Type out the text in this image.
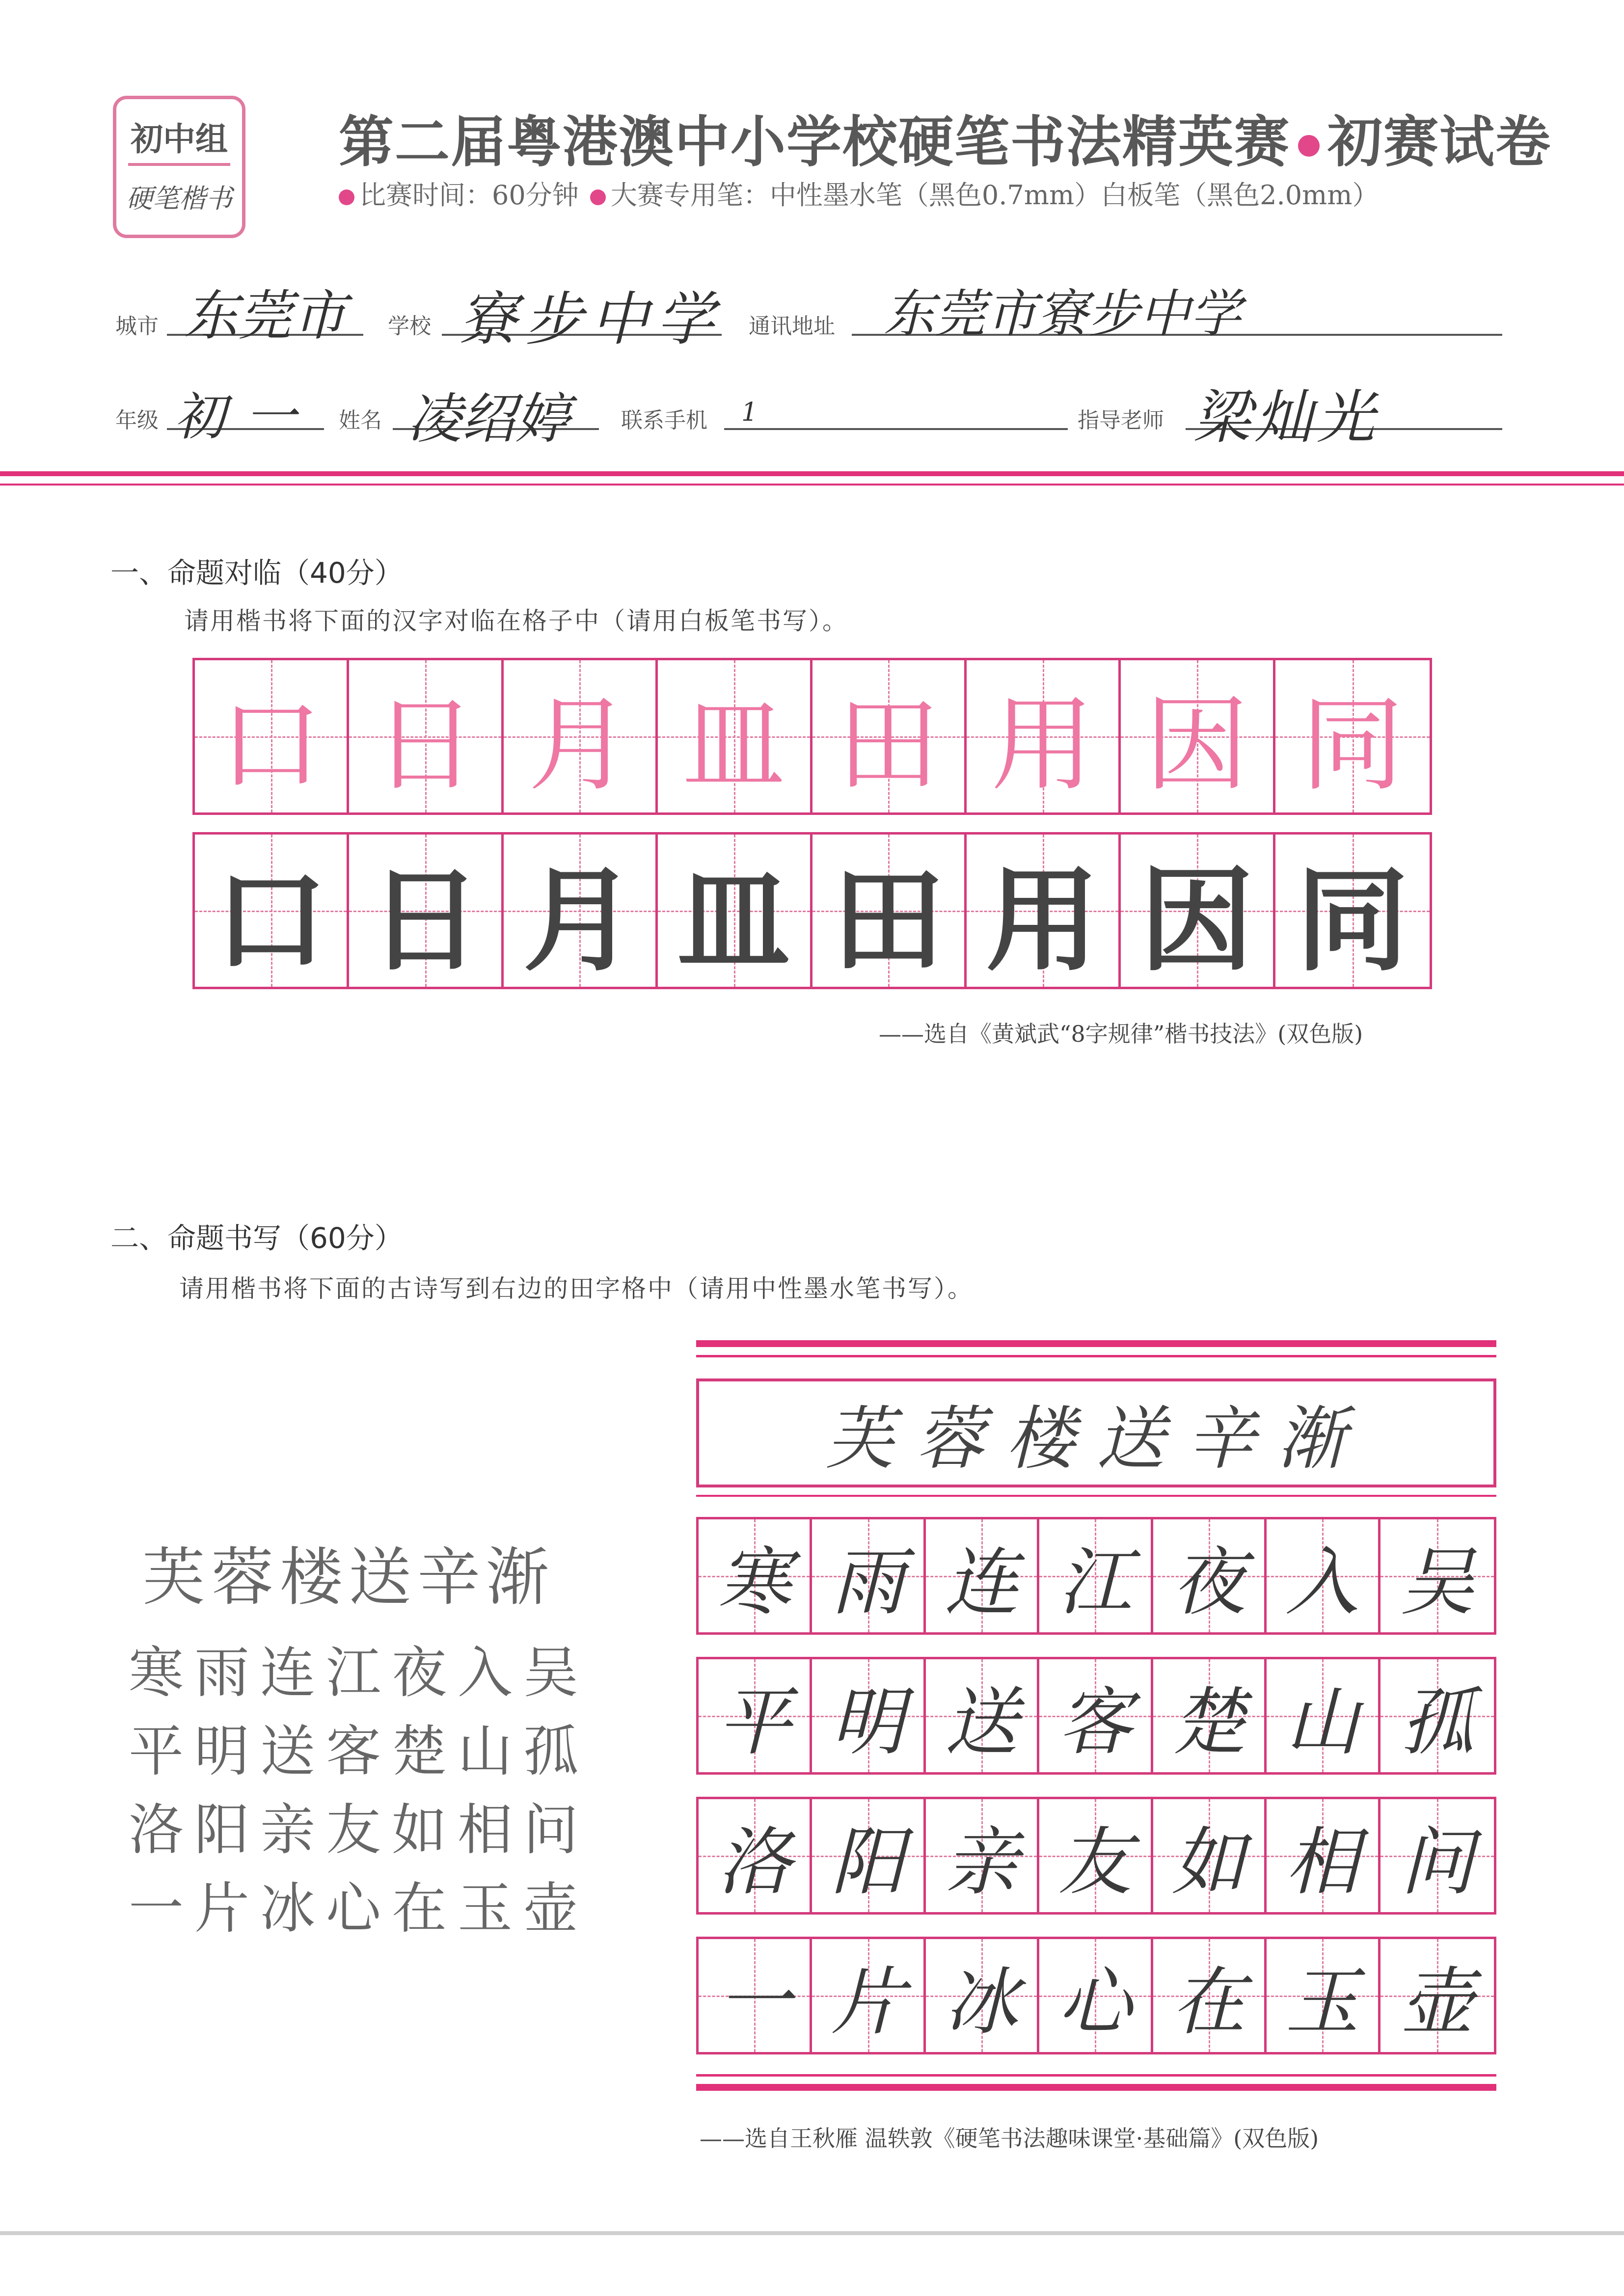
初中组
硬笔楷书
第二届粤港澳中小学校硬笔书法精英赛 初赛试卷
比赛时间：60分钟 大赛专用笔：中性墨水笔（黑色0.7mm）白板笔（黑色2.0mm）
城市 东莞市 学校 寮步中学 通讯地址 东莞市寮步中学
年级 初一 姓名 凌绍婷 联系手机 1	指导老师 梁灿光
一、命题对临（40分）
请用楷书将下面的汉字对临在格子中（请用白板笔书写）。
口 日 月 皿 田 用 因 同
口 日 月 皿 田 用 因 同
——选自《黄斌武“8字规律”楷书技法》(双色版)
二、命题书写（60分）
请用楷书将下面的古诗写到右边的田字格中（请用中性墨水笔书写）。
芙蓉楼送辛渐
寒雨连江夜入吴
平明送客楚山孤
洛阳亲友如相问
一片冰心在玉壶
芙蓉楼送辛渐
寒 雨 连 江 夜 入 吴
平 明 送 客 楚 山 孤
洛 阳 亲 友 如 相 问
一 片 冰 心 在 玉 壶
——选自王秋雁 温轶敦《硬笔书法趣味课堂·基础篇》(双色版)
